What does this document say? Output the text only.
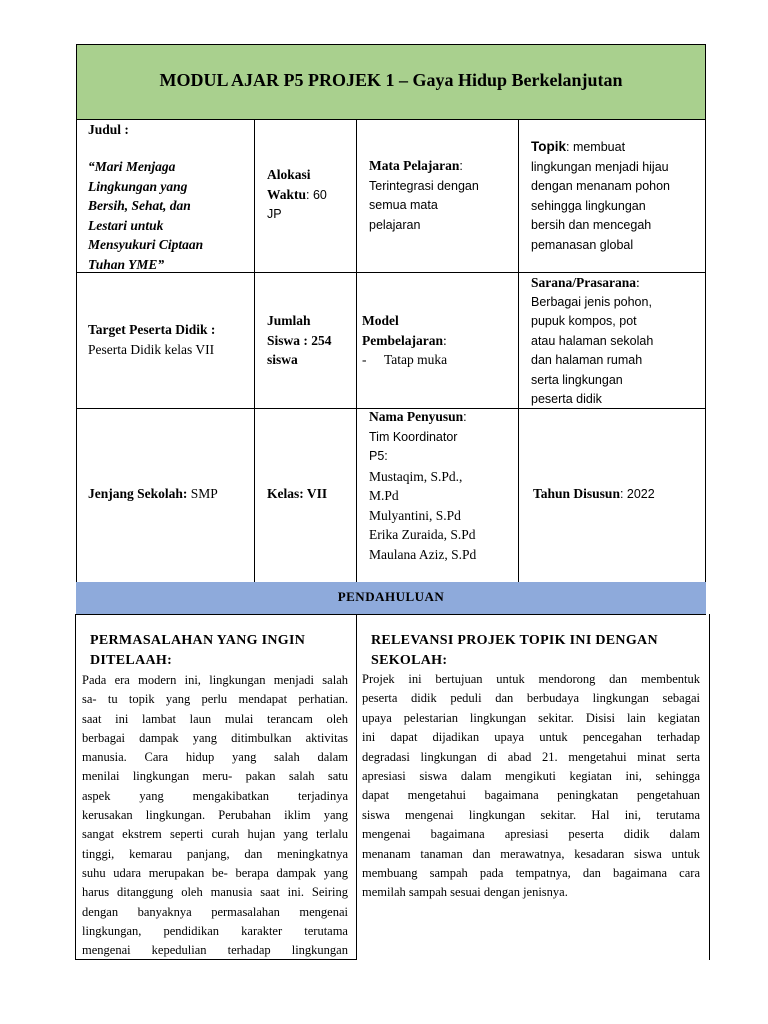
MODUL AJAR P5 PROJEK 1 – Gaya Hidup Berkelanjutan
Judul :
“Mari Menjaga
Lingkungan yang
Bersih, Sehat, dan
Lestari untuk
Mensyukuri Ciptaan
Tuhan YME”
Alokasi
Waktu: 60
JP
Mata Pelajaran:
Terintegrasi dengan
semua mata
pelajaran
Topik: membuat
lingkungan menjadi hijau
dengan menanam pohon
sehingga lingkungan
bersih dan mencegah
pemanasan global
Target Peserta Didik :
Peserta Didik kelas VII
Jumlah
Siswa : 254
siswa
Model
Pembelajaran:
- Tatap muka
Sarana/Prasarana:
Berbagai jenis pohon,
pupuk kompos, pot
atau halaman sekolah
dan halaman rumah
serta lingkungan
peserta didik
Jenjang Sekolah: SMP	Kelas: VII
Nama Penyusun:
Tim Koordinator
P5:
Mustaqim, S.Pd.,
M.Pd
Mulyantini, S.Pd
Erika Zuraida, S.Pd
Maulana Aziz, S.Pd
Tahun Disusun: 2022
PENDAHULUAN
PERMASALAHAN YANG INGIN
DITELAAH:
Pada era modern ini, lingkungan menjadi salah
sa- tu topik yang perlu mendapat perhatian.
saat ini lambat laun mulai terancam oleh
berbagai dampak yang ditimbulkan aktivitas
manusia. Cara hidup yang salah dalam
menilai lingkungan meru- pakan salah satu
aspek yang mengakibatkan terjadinya
kerusakan lingkungan. Perubahan iklim yang
sangat ekstrem seperti curah hujan yang terlalu
tinggi, kemarau panjang, dan meningkatnya
suhu udara merupakan be- berapa dampak yang
harus ditanggung oleh manusia saat ini. Seiring
dengan banyaknya permasalahan mengenai
lingkungan, pendidikan karakter terutama
mengenai kepedulian terhadap lingkungan
RELEVANSI PROJEK TOPIK INI DENGAN
SEKOLAH:
Projek ini bertujuan untuk mendorong dan membentuk
peserta didik peduli dan berbudaya lingkungan sebagai
upaya pelestarian lingkungan sekitar. Disisi lain kegiatan
ini dapat dijadikan upaya untuk pencegahan terhadap
degradasi lingkungan di abad 21. mengetahui minat serta
apresiasi siswa dalam mengikuti kegiatan ini, sehingga
dapat mengetahui bagaimana peningkatan pengetahuan
siswa mengenai lingkungan sekitar. Hal ini, terutama
mengenai bagaimana apresiasi peserta didik dalam
menanam tanaman dan merawatnya, kesadaran siswa untuk
membuang sampah pada tempatnya, dan bagaimana cara
memilah sampah sesuai dengan jenisnya.
